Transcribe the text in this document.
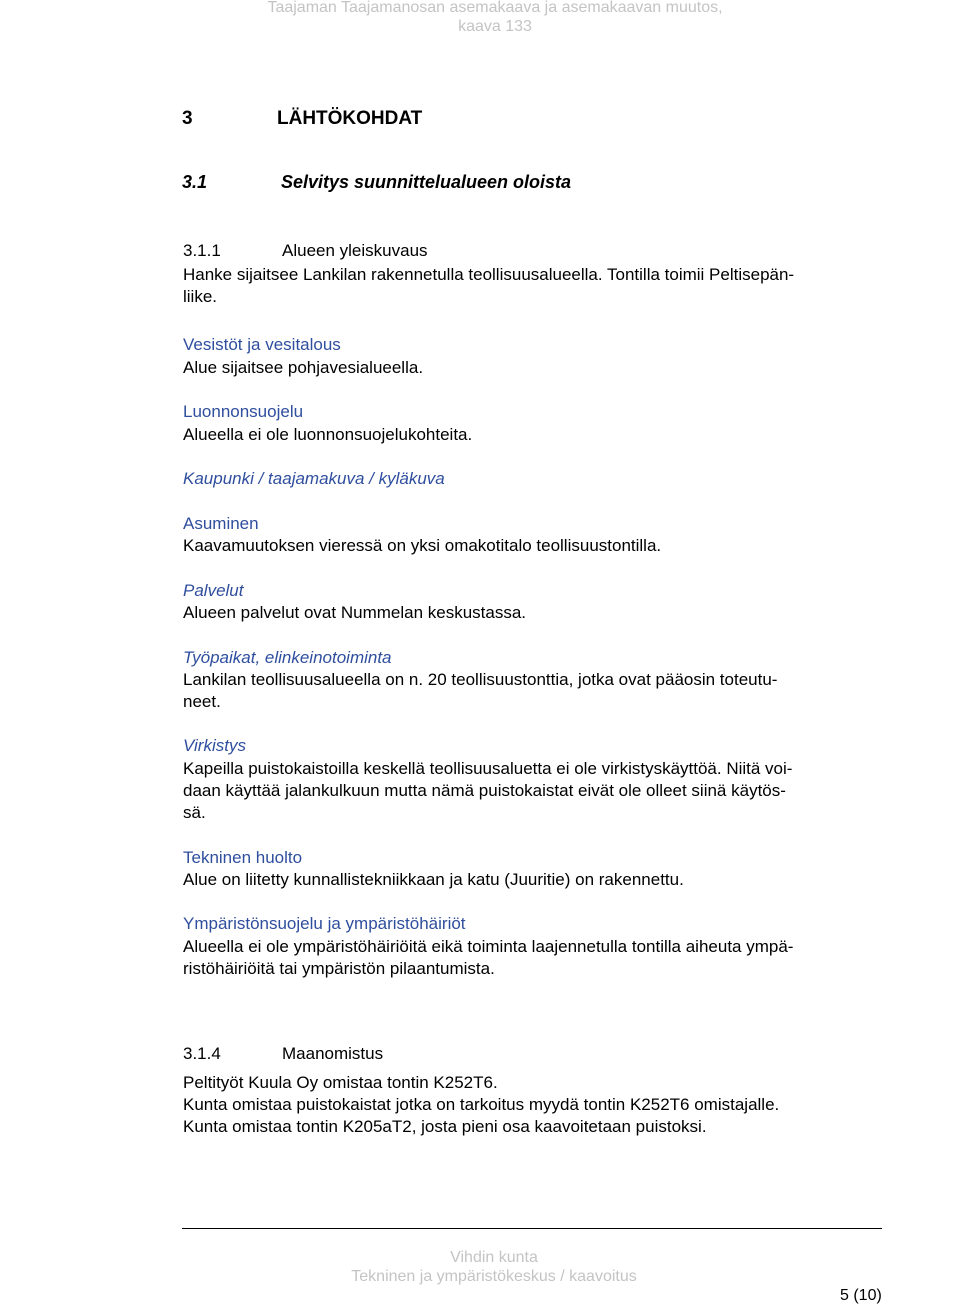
Taajaman Taajamanosan asemakaava ja asemakaavan muutos,
kaava 133
3	LÄHTÖKOHDAT
3.1	Selvitys suunnittelualueen oloista
3.1.1	Alueen yleiskuvaus
Hanke sijaitsee Lankilan rakennetulla teollisuusalueella. Tontilla toimii Peltisepän-
liike.
Vesistöt ja vesitalous
Alue sijaitsee pohjavesialueella.
Luonnonsuojelu
Alueella ei ole luonnonsuojelukohteita.
Kaupunki / taajamakuva / kyläkuva
Asuminen
Kaavamuutoksen vieressä on yksi omakotitalo teollisuustontilla.
Palvelut
Alueen palvelut ovat Nummelan keskustassa.
Työpaikat, elinkeinotoiminta
Lankilan teollisuusalueella on n. 20 teollisuustonttia, jotka ovat pääosin toteutu-
neet.
Virkistys
Kapeilla puistokaistoilla keskellä teollisuusaluetta ei ole virkistyskäyttöä. Niitä voi-
daan käyttää jalankulkuun mutta nämä puistokaistat eivät ole olleet siinä käytös-
sä.
Tekninen huolto
Alue on liitetty kunnallistekniikkaan ja katu (Juuritie) on rakennettu.
Ympäristönsuojelu ja ympäristöhäiriöt
Alueella ei ole ympäristöhäiriöitä eikä toiminta laajennetulla tontilla aiheuta ympä-
ristöhäiriöitä tai ympäristön pilaantumista.
3.1.4	Maanomistus
Peltityöt Kuula Oy omistaa tontin K252T6.
Kunta omistaa puistokaistat jotka on tarkoitus myydä tontin K252T6 omistajalle.
Kunta omistaa tontin K205aT2, josta pieni osa kaavoitetaan puistoksi.
Vihdin kunta
Tekninen ja ympäristökeskus / kaavoitus
5 (10)
